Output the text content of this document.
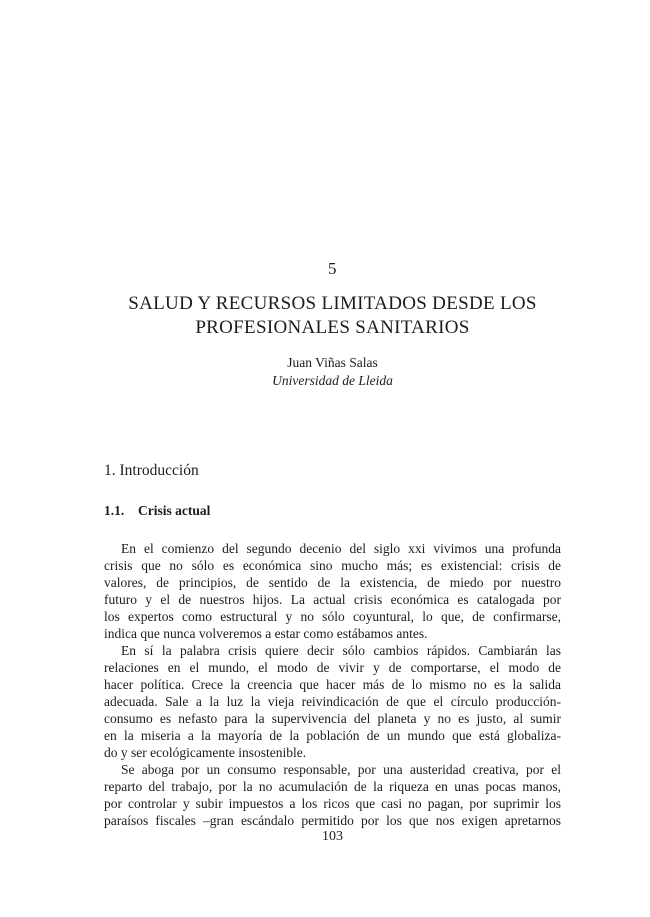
5
SALUD Y RECURSOS LIMITADOS DESDE LOS
PROFESIONALES SANITARIOS
Juan Viñas Salas
Universidad de Lleida
1. Introducción
1.1. Crisis actual
En el comienzo del segundo decenio del siglo xxi vivimos una profunda
crisis que no sólo es económica sino mucho más; es existencial: crisis de
valores, de principios, de sentido de la existencia, de miedo por nuestro
futuro y el de nuestros hijos. La actual crisis económica es catalogada por
los expertos como estructural y no sólo coyuntural, lo que, de confirmarse,
indica que nunca volveremos a estar como estábamos antes.
En sí la palabra crisis quiere decir sólo cambios rápidos. Cambiarán las
relaciones en el mundo, el modo de vivir y de comportarse, el modo de
hacer política. Crece la creencia que hacer más de lo mismo no es la salida
adecuada. Sale a la luz la vieja reivindicación de que el círculo producción-
consumo es nefasto para la supervivencia del planeta y no es justo, al sumir
en la miseria a la mayoría de la población de un mundo que está globaliza-
do y ser ecológicamente insostenible.
Se aboga por un consumo responsable, por una austeridad creativa, por el
reparto del trabajo, por la no acumulación de la riqueza en unas pocas manos,
por controlar y subir impuestos a los ricos que casi no pagan, por suprimir los
paraísos fiscales –gran escándalo permitido por los que nos exigen apretarnos
103
